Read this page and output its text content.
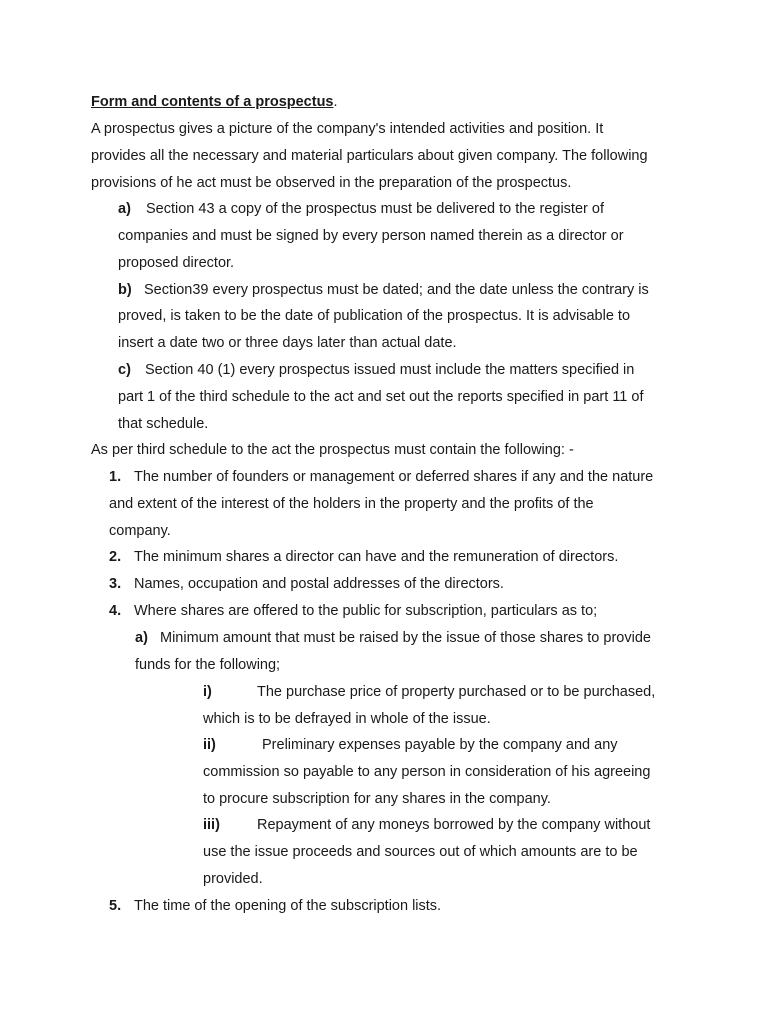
Form and contents of a prospectus.
A prospectus gives a picture of the company's intended activities and position. It
provides all the necessary and material particulars about given company. The following
provisions of he act must be observed in the preparation of the prospectus.
a) Section 43 a copy of the prospectus must be delivered to the register of
companies and must be signed by every person named therein as a director or
proposed director.
b) Section39 every prospectus must be dated; and the date unless the contrary is
proved, is taken to be the date of publication of the prospectus. It is advisable to
insert a date two or three days later than actual date.
c) Section 40 (1) every prospectus issued must include the matters specified in
part 1 of the third schedule to the act and set out the reports specified in part 11 of
that schedule.
As per third schedule to the act the prospectus must contain the following: -
1. The number of founders or management or deferred shares if any and the nature
and extent of the interest of the holders in the property and the profits of the
company.
2. The minimum shares a director can have and the remuneration of directors.
3. Names, occupation and postal addresses of the directors.
4. Where shares are offered to the public for subscription, particulars as to;
a) Minimum amount that must be raised by the issue of those shares to provide
funds for the following;
i)	The purchase price of property purchased or to be purchased,
which is to be defrayed in whole of the issue.
ii)	Preliminary expenses payable by the company and any
commission so payable to any person in consideration of his agreeing
to procure subscription for any shares in the company.
iii)	Repayment of any moneys borrowed by the company without
use the issue proceeds and sources out of which amounts are to be
provided.
5. The time of the opening of the subscription lists.
